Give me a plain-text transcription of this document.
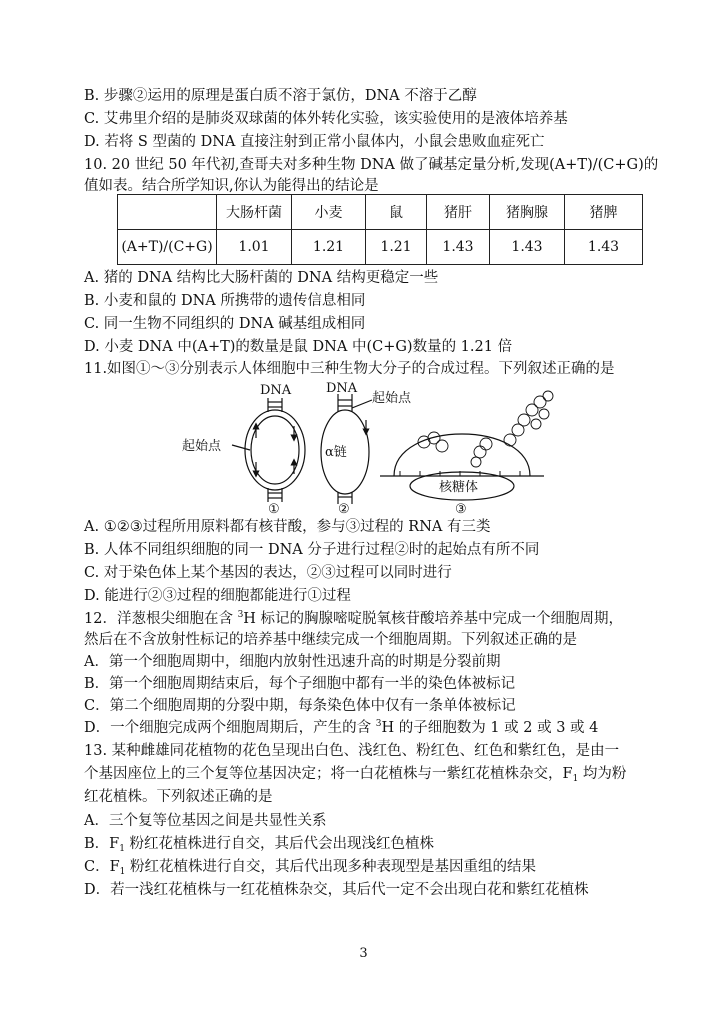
B. 步骤②运用的原理是蛋白质不溶于氯仿，DNA 不溶于乙醇
C. 艾弗里介绍的是肺炎双球菌的体外转化实验，该实验使用的是液体培养基
D. 若将 S 型菌的 DNA 直接注射到正常小鼠体内，小鼠会患败血症死亡
10. 20 世纪 50 年代初,查哥夫对多种生物 DNA 做了碱基定量分析,发现(A+T)/(C+G)的
值如表。结合所学知识,你认为能得出的结论是
	大肠杆菌	小麦	鼠	猪肝	猪胸腺	猪脾
(A+T)/(C+G)	1.01	1.21	1.21	1.43	1.43	1.43
A. 猪的 DNA 结构比大肠杆菌的 DNA 结构更稳定一些
B. 小麦和鼠的 DNA 所携带的遗传信息相同
C. 同一生物不同组织的 DNA 碱基组成相同
D. 小麦 DNA 中(A+T)的数量是鼠 DNA 中(C+G)数量的 1.21 倍
11.如图①～③分别表示人体细胞中三种生物大分子的合成过程。下列叙述正确的是
DNA	DNA
起始点
起始点	α链
核糖体
①	②	③
A. ①②③过程所用原料都有核苷酸，参与③过程的 RNA 有三类
B. 人体不同组织细胞的同一 DNA 分子进行过程②时的起始点有所不同
C. 对于染色体上某个基因的表达，②③过程可以同时进行
D. 能进行②③过程的细胞都能进行①过程
12．洋葱根尖细胞在含 $^3$H 标记的胸腺嘧啶脱氧核苷酸培养基中完成一个细胞周期，
然后在不含放射性标记的培养基中继续完成一个细胞周期。下列叙述正确的是
A．第一个细胞周期中，细胞内放射性迅速升高的时期是分裂前期
B．第一个细胞周期结束后，每个子细胞中都有一半的染色体被标记
C．第二个细胞周期的分裂中期，每条染色体中仅有一条单体被标记
D．一个细胞完成两个细胞周期后，产生的含 $^3$H 的子细胞数为 1 或 2 或 3 或 4
13. 某种雌雄同花植物的花色呈现出白色、浅红色、粉红色、红色和紫红色，是由一
个基因座位上的三个复等位基因决定；将一白花植株与一紫红花植株杂交，$F_1$ 均为粉
红花植株。下列叙述正确的是
A．三个复等位基因之间是共显性关系
B．$F_1$ 粉红花植株进行自交，其后代会出现浅红色植株
C．$F_1$ 粉红花植株进行自交，其后代出现多种表现型是基因重组的结果
D．若一浅红花植株与一红花植株杂交，其后代一定不会出现白花和紫红花植株
3
